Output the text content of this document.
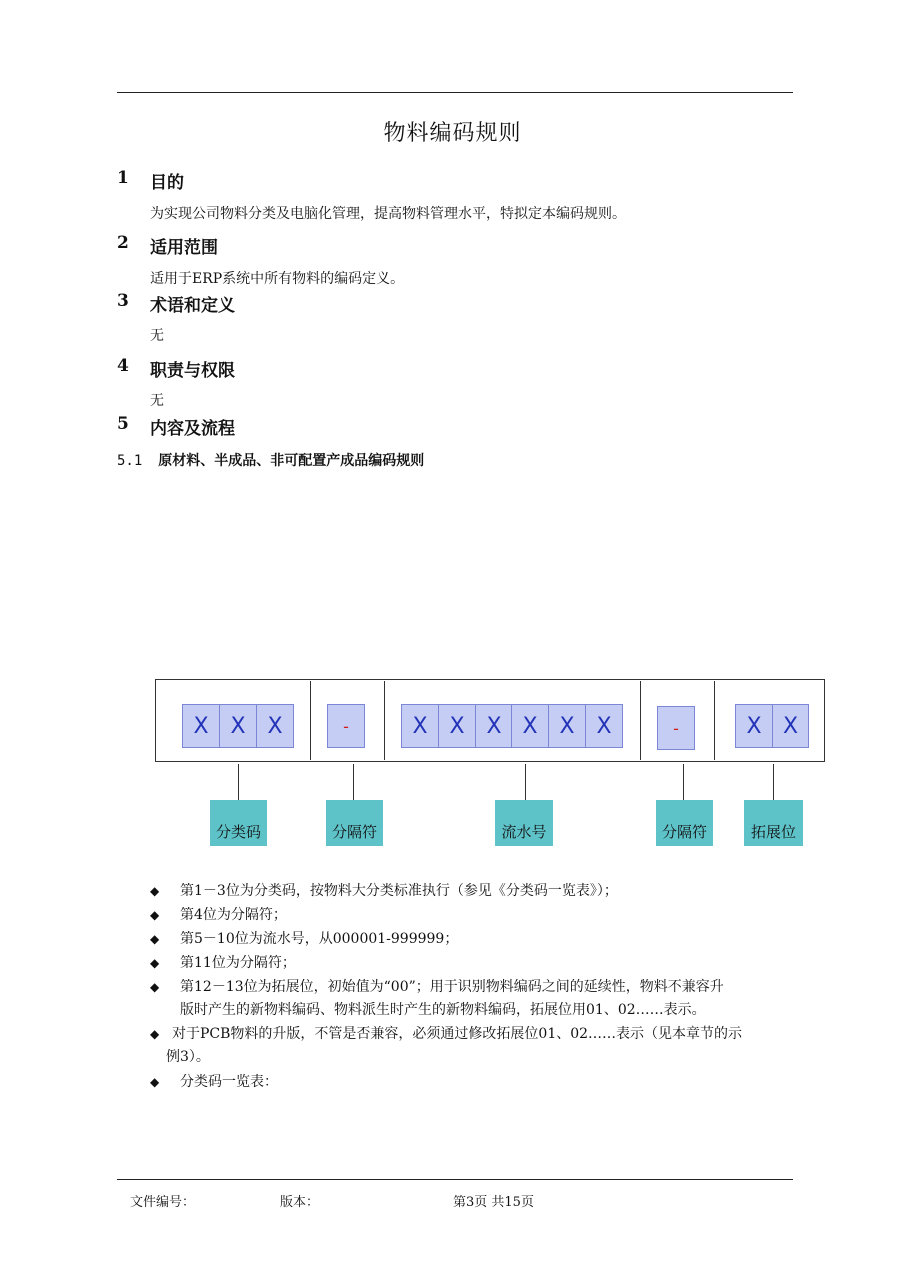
物料编码规则
1 目的
为实现公司物料分类及电脑化管理，提高物料管理水平，特拟定本编码规则。
2 适用范围
适用于ERP系统中所有物料的编码定义。
3 术语和定义
无
4 职责与权限
无
5 内容及流程
5.1 原材料、半成品、非可配置产成品编码规则
X X X	-	X X X X X X	-	X X
分类码	分隔符	流水号	分隔符	拓展位
◆ 第1－3位为分类码，按物料大分类标准执行（参见《分类码一览表》）；
◆ 第4位为分隔符；
◆ 第5－10位为流水号，从000001-999999；
◆ 第11位为分隔符；
◆ 第12－13位为拓展位，初始值为“00”；用于识别物料编码之间的延续性，物料不兼容升
版时产生的新物料编码、物料派生时产生的新物料编码，拓展位用01、02……表示。
◆ 对于PCB物料的升版，不管是否兼容，必须通过修改拓展位01、02……表示（见本章节的示
例3）。
◆ 分类码一览表：
文件编号：	版本：	第3页 共15页
